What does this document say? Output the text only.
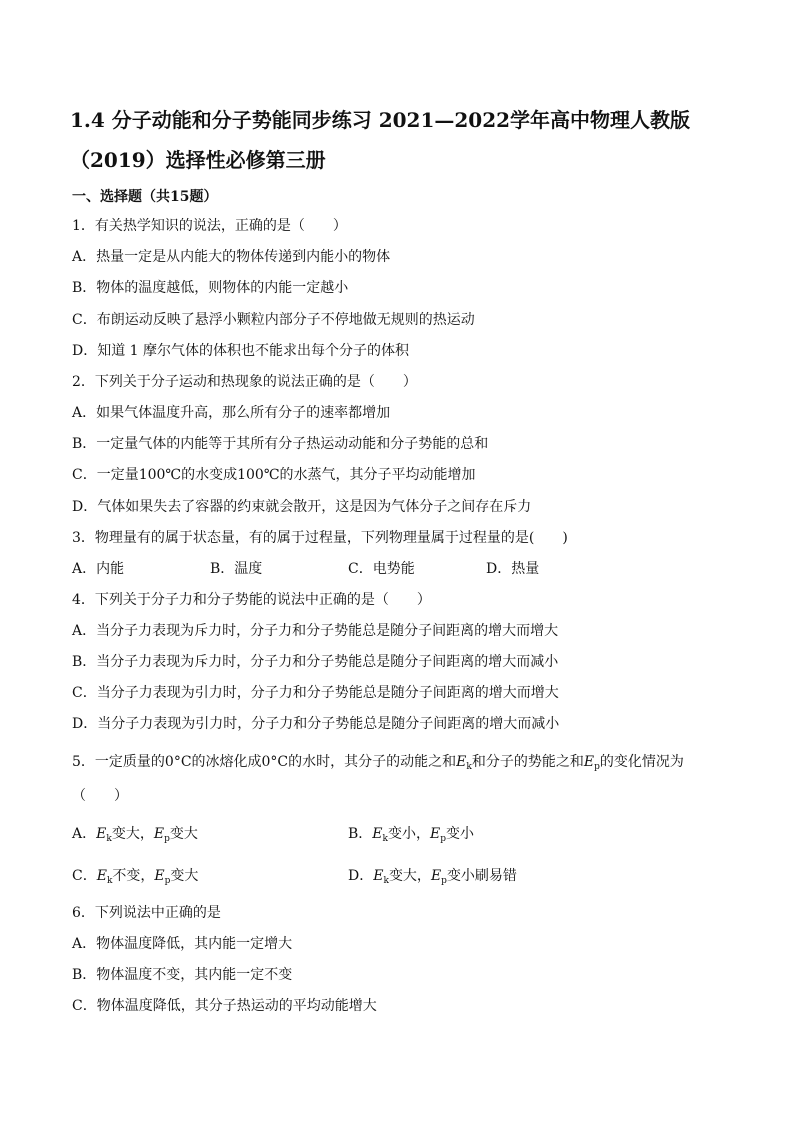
1.4 分子动能和分子势能同步练习 2021—2022学年高中物理人教版
（2019）选择性必修第三册
一、选择题（共15题）
1．有关热学知识的说法，正确的是（　　）
A．热量一定是从内能大的物体传递到内能小的物体
B．物体的温度越低，则物体的内能一定越小
C．布朗运动反映了悬浮小颗粒内部分子不停地做无规则的热运动
D．知道 1 摩尔气体的体积也不能求出每个分子的体积
2．下列关于分子运动和热现象的说法正确的是（　　）
A．如果气体温度升高，那么所有分子的速率都增加
B．一定量气体的内能等于其所有分子热运动动能和分子势能的总和
C．一定量100℃的水变成100℃的水蒸气，其分子平均动能增加
D．气体如果失去了容器的约束就会散开，这是因为气体分子之间存在斥力
3．物理量有的属于状态量，有的属于过程量，下列物理量属于过程量的是(　　)
A．内能	B．温度	C．电势能	D．热量
4．下列关于分子力和分子势能的说法中正确的是（　　）
A．当分子力表现为斥力时，分子力和分子势能总是随分子间距离的增大而增大
B．当分子力表现为斥力时，分子力和分子势能总是随分子间距离的增大而减小
C．当分子力表现为引力时，分子力和分子势能总是随分子间距离的增大而增大
D．当分子力表现为引力时，分子力和分子势能总是随分子间距离的增大而减小
5．一定质量的0°C的冰熔化成0°C的水时，其分子的动能之和$E_k$和分子的势能之和$E_p$的变化情况为
（　　）
A．$E_k$变大，$E_p$变大	B．$E_k$变小，$E_p$变小
C．$E_k$不变，$E_p$变大	D．$E_k$变大，$E_p$变小刷易错
6．下列说法中正确的是
A．物体温度降低，其内能一定增大
B．物体温度不变，其内能一定不变
C．物体温度降低，其分子热运动的平均动能增大
